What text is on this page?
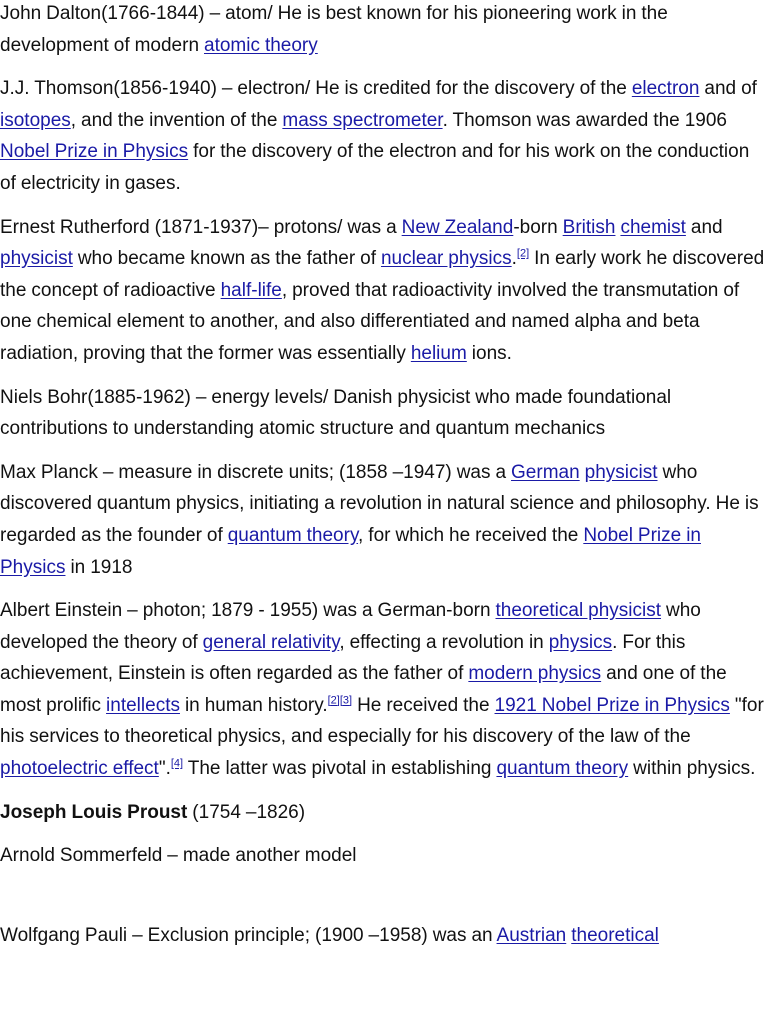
John Dalton(1766-1844) – atom/ He is best known for his pioneering work in the development of modern atomic theory

J.J. Thomson(1856-1940) – electron/ He is credited for the discovery of the electron and of isotopes, and the invention of the mass spectrometer. Thomson was awarded the 1906 Nobel Prize in Physics for the discovery of the electron and for his work on the conduction of electricity in gases.

Ernest Rutherford (1871-1937)– protons/ was a New Zealand-born British chemist and physicist who became known as the father of nuclear physics.[2] In early work he discovered the concept of radioactive half-life, proved that radioactivity involved the transmutation of one chemical element to another, and also differentiated and named alpha and beta radiation, proving that the former was essentially helium ions.

Niels Bohr(1885-1962) – energy levels/ Danish physicist who made foundational contributions to understanding atomic structure and quantum mechanics

Max Planck – measure in discrete units; (1858 –1947) was a German physicist who discovered quantum physics, initiating a revolution in natural science and philosophy. He is regarded as the founder of quantum theory, for which he received the Nobel Prize in Physics in 1918

Albert Einstein – photon; 1879 - 1955) was a German-born theoretical physicist who developed the theory of general relativity, effecting a revolution in physics. For this achievement, Einstein is often regarded as the father of modern physics and one of the most prolific intellects in human history.[2][3] He received the 1921 Nobel Prize in Physics "for his services to theoretical physics, and especially for his discovery of the law of the photoelectric effect".[4] The latter was pivotal in establishing quantum theory within physics.

Joseph Louis Proust (1754 –1826)

Arnold Sommerfeld – made another model

Wolfgang Pauli – Exclusion principle; (1900 –1958) was an Austrian theoretical
